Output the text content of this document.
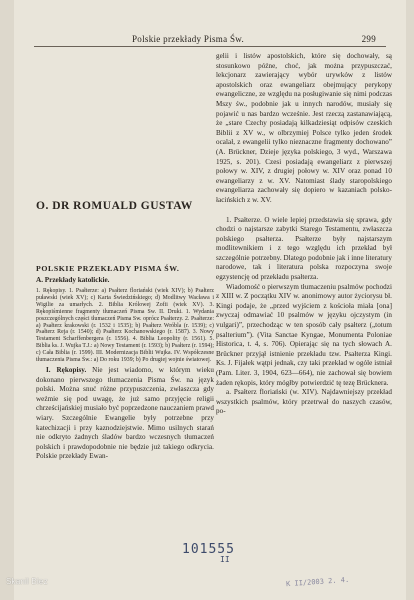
Polskie przekłady Pisma Św.	299
O. DR ROMUALD GUSTAW
POLSKIE PRZEKŁADY PISMA ŚW.
A. Przekłady katolickie.
1. Rękopisy. 1. Psałterze: a) Psałterz floriański (wiek XIV); b) Psałterz puławski (wiek XV); c) Karta Świedzińskiego; d) Modlitwy Wacława i Wigilie za umarłych. 2. Biblia Królowej Zofii (wiek XV). 3. Rękopiśmienne fragmenty tłumaczeń Pisma Sw. II. Druki. 1. Wydania poszczególnych części tłumaczeń Pisma Sw. oprócz Psałterzy. 2. Psałterze: a) Psałterz krakowski (r. 1532 i 1535); b) Psałterz Wróbla (r. 1539); c) Psałterz Reja (r. 1540); d) Psałterz Kochanowskiego (r. 1587). 3. Nowy Testament Scharffenbergera (r. 1556). 4. Biblia Leopolity (r. 1561). 5. Biblia ks. J. Wujka T.J.: a) Nowy Testament (r. 1593); b) Psałterz (r. 1594); c) Cała Biblia (r. 1599). III. Modernizacja Biblii Wujka. IV. Współczesne tłumaczenia Pisma Św.: a) Do roku 1939; b) Po drugiej wojnie światowej.
I. Rękopisy. Nie jest wiadomo, w którym wieku dokonano pierwszego tłumaczenia Pisma Św. na język polski. Można snuć różne przypuszczenia, zwłaszcza gdy weźmie się pod uwagę, że już samo przyjęcie religii chrześcijańskiej musiało być poprzedzone nauczaniem prawd wiary. Szczególnie Ewangelie były potrzebne przy katechizacji i przy kaznodziejstwie. Mimo usilnych starań nie odkryto żadnych śladów bardzo wczesnych tłumaczeń polskich i prawdopodobnie nie będzie już takiego odkrycia. Polskie przekłady Ewan-
gelii i listów apostolskich, które się dochowały, są stosunkowo późne, choć, jak można przypuszczać, lekcjonarz zawierający wybór urywków z listów apostolskich oraz ewangeliarz obejmujący perykopy ewangeliczne, ze względu na posługiwanie się nimi podczas Mszy św., podobnie jak u innych narodów, musiały się pojawić u nas bardzo wcześnie. Jest rzeczą zastanawiającą, że „stare Czechy posiadają kilkadziesiąt odpisów czeskich Biblii z XV w., w olbrzymiej Polsce tylko jeden środek ocalał, z ewangelii tylko nieznaczne fragmenty dochowano” (A. Brückner, Dzieje języka polskiego, 3 wyd., Warszawa 1925, s. 201). Czesi posiadają ewangeliarz z pierwszej połowy w. XIV, z drugiej połowy w. XIV oraz ponad 10 ewangeliarzy z w. XV. Natomiast ślady staropolskiego ewangeliarza zachowały się dopiero w kazaniach polsko-łacińskich z w. XV.
1. Psałterze. O wiele lepiej przedstawia się sprawa, gdy chodzi o najstarsze zabytki Starego Testamentu, zwłaszcza polskiego psałterza. Psałterze były najstarszym modlitewnikiem i z tego względu ich przekład był szczególnie potrzebny. Dlatego podobnie jak i inne literatury narodowe, tak i literatura polska rozpoczyna swoje egzystencję od przekładu psałterza.
Wiadomość o pierwszym tłumaczeniu psalmów pochodzi z XIII w. Z początku XIV w. anonimowy autor życiorysu bł. Kingi podaje, że „przed wyjściem z kościoła miała [ona] zwyczaj odmawiać 10 psalmów w języku ojczystym (in vulgari)”, przechodząc w ten sposób cały psałterz („totum psalterium”). (Vita Sanctae Kyngae, Monumenta Poloniae Historica, t. 4, s. 706). Opierając się na tych słowach A. Brückner przyjął istnienie przekładu tzw. Psałterza Kingi. Ks. J. Fijałek wątpi jednak, czy taki przekład w ogóle istniał (Pam. Liter. 3, 1904, 623—664), nie zachował się bowiem żaden rękopis, który mógłby potwierdzić tę tezę Brücknera.
a. Psałterz floriański (w. XIV). Najdawniejszy przekład wszystkich psalmów, który przetrwał do naszych czasów, po-
101555
II
K II/2003 2. 4.
Skanil Biez
